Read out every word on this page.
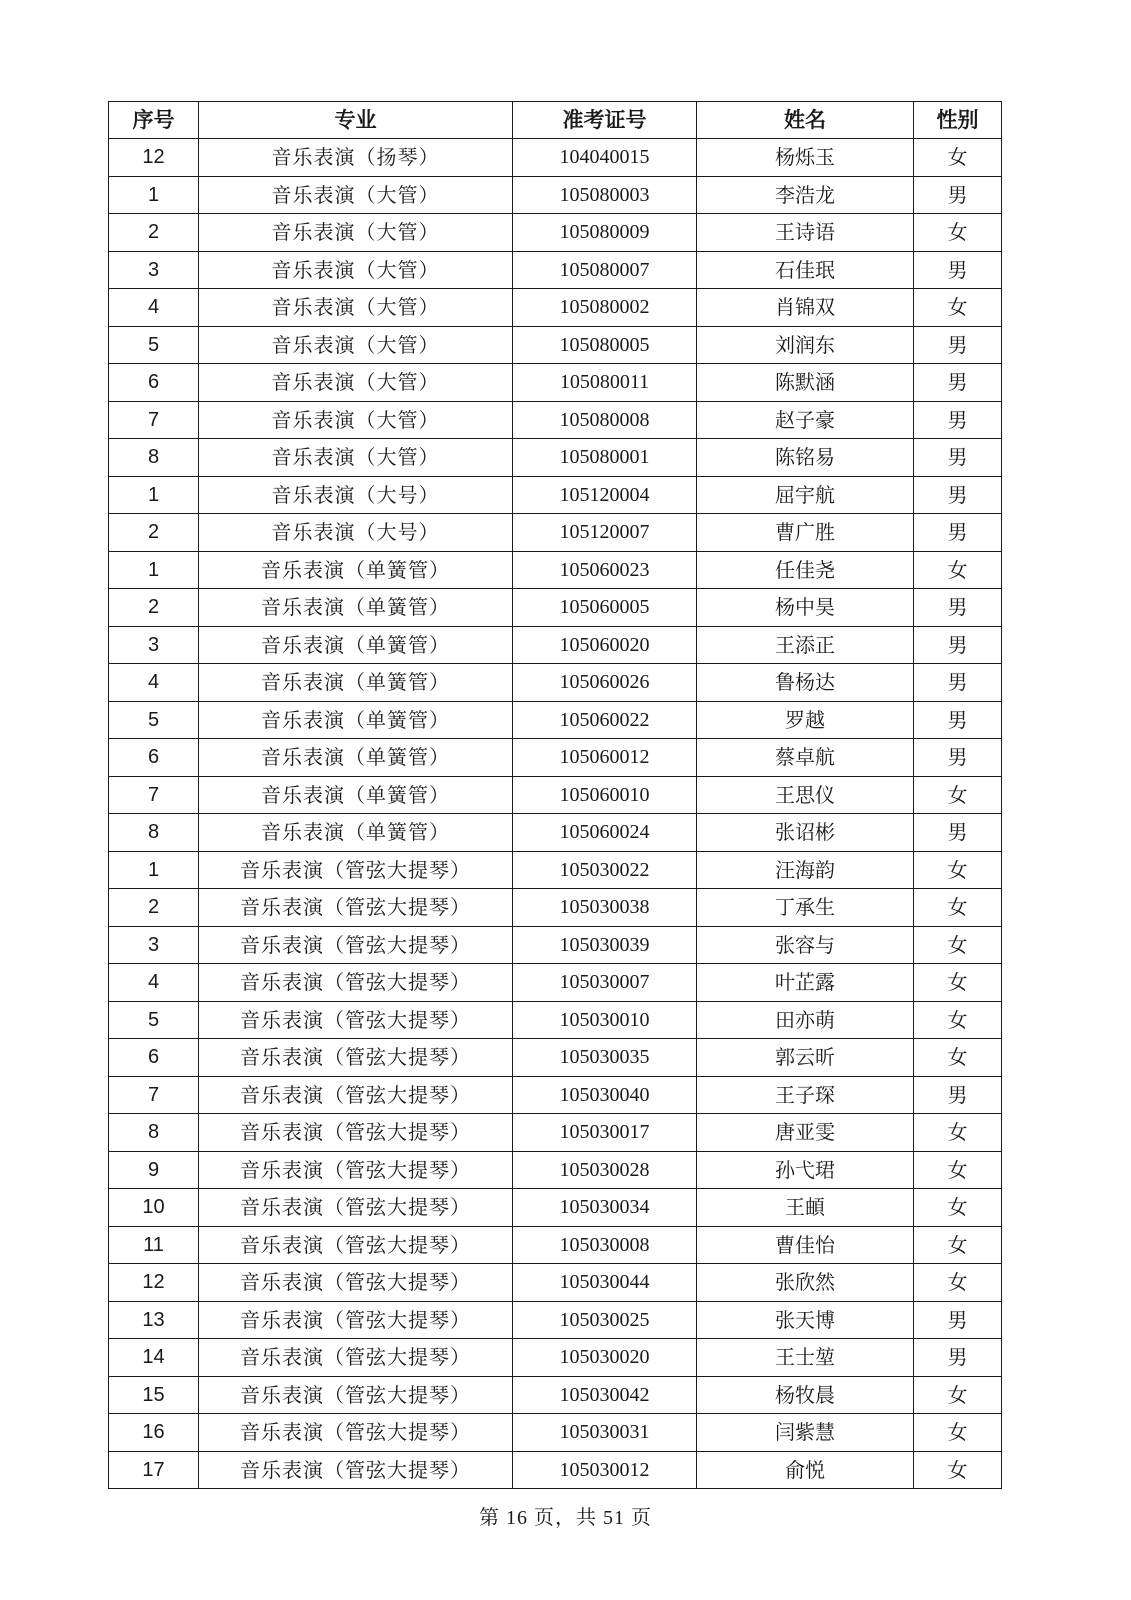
序号	专业	准考证号	姓名	性别
12	音乐表演（扬琴）	104040015	杨烁玉	女
1	音乐表演（大管）	105080003	李浩龙	男
2	音乐表演（大管）	105080009	王诗语	女
3	音乐表演（大管）	105080007	石佳珉	男
4	音乐表演（大管）	105080002	肖锦双	女
5	音乐表演（大管）	105080005	刘润东	男
6	音乐表演（大管）	105080011	陈默涵	男
7	音乐表演（大管）	105080008	赵子豪	男
8	音乐表演（大管）	105080001	陈铭易	男
1	音乐表演（大号）	105120004	屈宇航	男
2	音乐表演（大号）	105120007	曹广胜	男
1	音乐表演（单簧管）	105060023	任佳尧	女
2	音乐表演（单簧管）	105060005	杨中昊	男
3	音乐表演（单簧管）	105060020	王添正	男
4	音乐表演（单簧管）	105060026	鲁杨达	男
5	音乐表演（单簧管）	105060022	罗越	男
6	音乐表演（单簧管）	105060012	蔡卓航	男
7	音乐表演（单簧管）	105060010	王思仪	女
8	音乐表演（单簧管）	105060024	张诏彬	男
1	音乐表演（管弦大提琴）	105030022	汪海韵	女
2	音乐表演（管弦大提琴）	105030038	丁承生	女
3	音乐表演（管弦大提琴）	105030039	张容与	女
4	音乐表演（管弦大提琴）	105030007	叶芷露	女
5	音乐表演（管弦大提琴）	105030010	田亦萌	女
6	音乐表演（管弦大提琴）	105030035	郭云昕	女
7	音乐表演（管弦大提琴）	105030040	王子琛	男
8	音乐表演（管弦大提琴）	105030017	唐亚雯	女
9	音乐表演（管弦大提琴）	105030028	孙弋珺	女
10	音乐表演（管弦大提琴）	105030034	王頔	女
11	音乐表演（管弦大提琴）	105030008	曹佳怡	女
12	音乐表演（管弦大提琴）	105030044	张欣然	女
13	音乐表演（管弦大提琴）	105030025	张天博	男
14	音乐表演（管弦大提琴）	105030020	王士堃	男
15	音乐表演（管弦大提琴）	105030042	杨牧晨	女
16	音乐表演（管弦大提琴）	105030031	闫紫慧	女
17	音乐表演（管弦大提琴）	105030012	俞悦	女
第 16 页，共 51 页
